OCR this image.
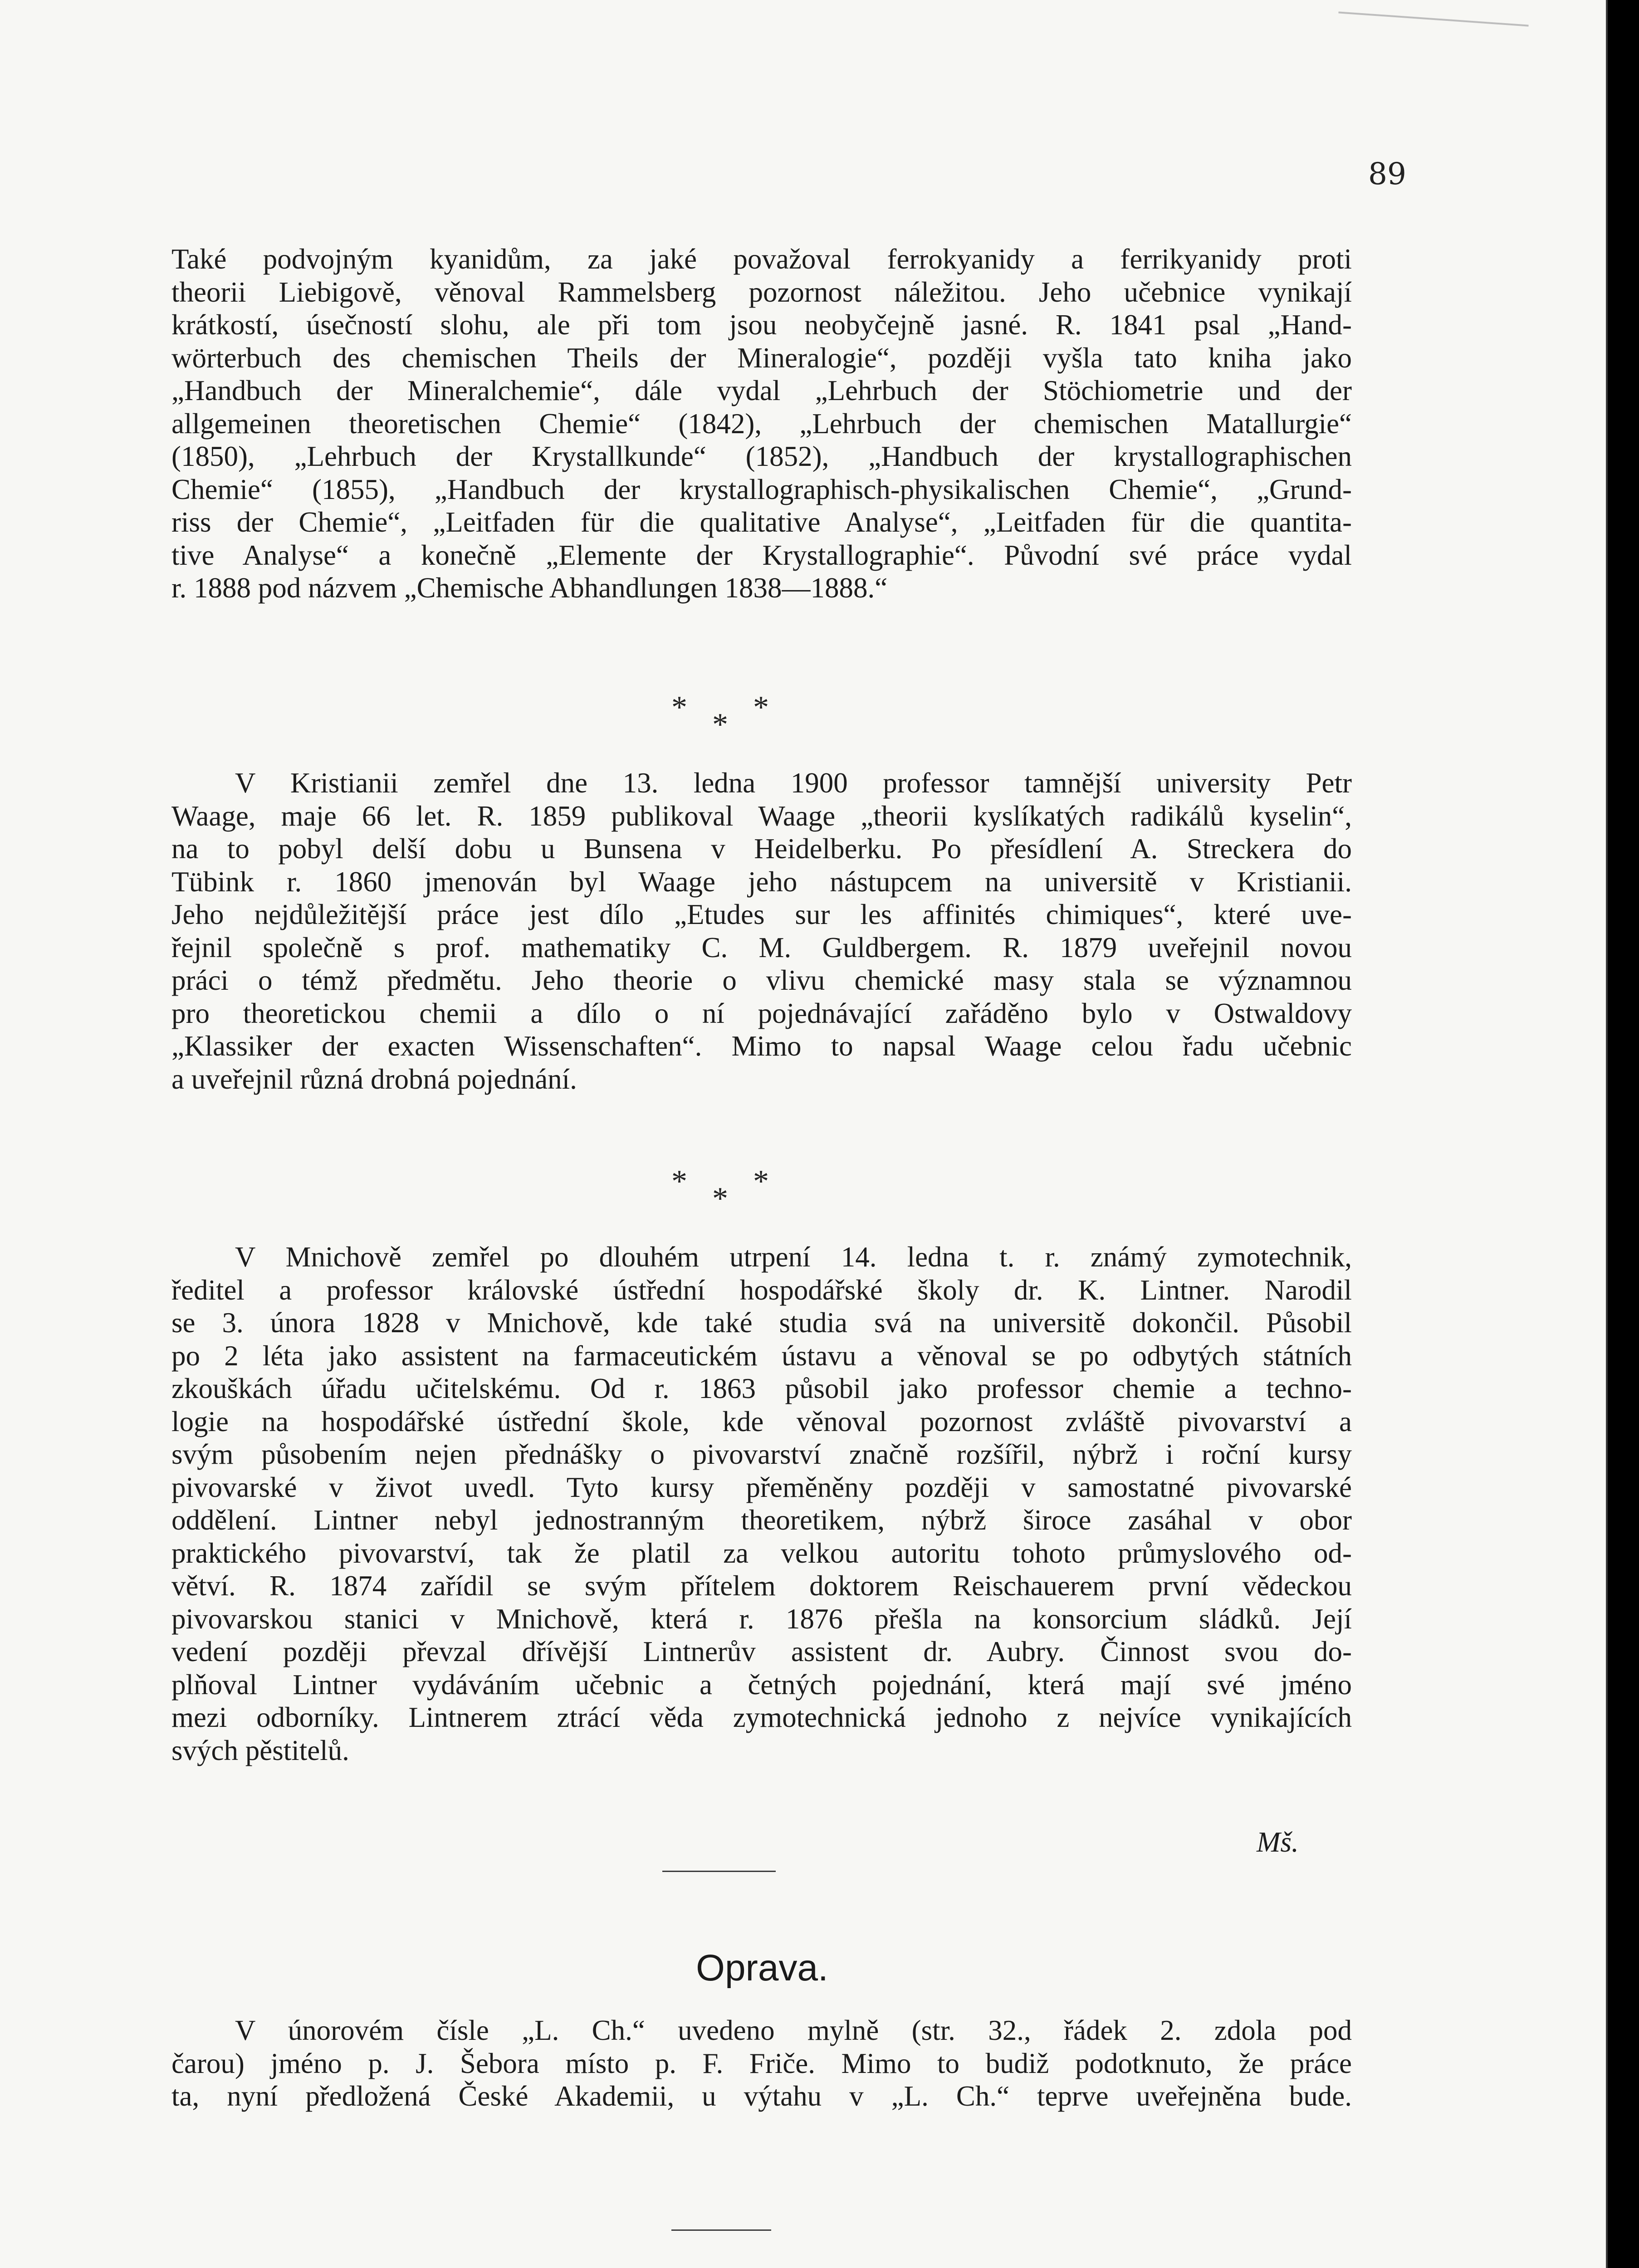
89
Také podvojným kyanidům, za jaké považoval ferrokyanidy a ferrikyanidy proti
theorii Liebigově, věnoval Rammelsberg pozornost náležitou. Jeho učebnice vynikají
krátkostí, úsečností slohu, ale při tom jsou neobyčejně jasné. R. 1841 psal „Hand-
wörterbuch des chemischen Theils der Mineralogie“, později vyšla tato kniha jako
„Handbuch der Mineralchemie“, dále vydal „Lehrbuch der Stöchiometrie und der
allgemeinen theoretischen Chemie“ (1842), „Lehrbuch der chemischen Matallurgie“
(1850), „Lehrbuch der Krystallkunde“ (1852), „Handbuch der krystallographischen
Chemie“ (1855), „Handbuch der krystallographisch-physikalischen Chemie“, „Grund-
riss der Chemie“, „Leitfaden für die qualitative Analyse“, „Leitfaden für die quantita-
tive Analyse“ a konečně „Elemente der Krystallographie“. Původní své práce vydal
r. 1888 pod názvem „Chemische Abhandlungen 1838—1888.“
* *
*
V Kristianii zemřel dne 13. ledna 1900 professor tamnější university Petr
Waage, maje 66 let. R. 1859 publikoval Waage „theorii kyslíkatých radikálů kyselin“,
na to pobyl delší dobu u Bunsena v Heidelberku. Po přesídlení A. Streckera do
Tübink r. 1860 jmenován byl Waage jeho nástupcem na universitě v Kristianii.
Jeho nejdůležitější práce jest dílo „Etudes sur les affinités chimiques“, které uve-
řejnil společně s prof. mathematiky C. M. Guldbergem. R. 1879 uveřejnil novou
práci o témž předmětu. Jeho theorie o vlivu chemické masy stala se významnou
pro theoretickou chemii a dílo o ní pojednávající zařáděno bylo v Ostwaldovy
„Klassiker der exacten Wissenschaften“. Mimo to napsal Waage celou řadu učebnic
a uveřejnil různá drobná pojednání.
* *
*
V Mnichově zemřel po dlouhém utrpení 14. ledna t. r. známý zymotechnik,
ředitel a professor královské ústřední hospodářské školy dr. K. Lintner. Narodil
se 3. února 1828 v Mnichově, kde také studia svá na universitě dokončil. Působil
po 2 léta jako assistent na farmaceutickém ústavu a věnoval se po odbytých státních
zkouškách úřadu učitelskému. Od r. 1863 působil jako professor chemie a techno-
logie na hospodářské ústřední škole, kde věnoval pozornost zvláště pivovarství a
svým působením nejen přednášky o pivovarství značně rozšířil, nýbrž i roční kursy
pivovarské v život uvedl. Tyto kursy přeměněny později v samostatné pivovarské
oddělení. Lintner nebyl jednostranným theoretikem, nýbrž široce zasáhal v obor
praktického pivovarství, tak že platil za velkou autoritu tohoto průmyslového od-
větví. R. 1874 zařídil se svým přítelem doktorem Reischauerem první vědeckou
pivovarskou stanici v Mnichově, která r. 1876 přešla na konsorcium sládků. Její
vedení později převzal dřívější Lintnerův assistent dr. Aubry. Činnost svou do-
plňoval Lintner vydáváním učebnic a četných pojednání, která mají své jméno
mezi odborníky. Lintnerem ztrácí věda zymotechnická jednoho z nejvíce vynikajících
svých pěstitelů.
Mš.
Oprava.
V únorovém čísle „L. Ch.“ uvedeno mylně (str. 32., řádek 2. zdola pod
čarou) jméno p. J. Šebora místo p. F. Friče. Mimo to budiž podotknuto, že práce
ta, nyní předložená České Akademii, u výtahu v „L. Ch.“ teprve uveřejněna bude.
